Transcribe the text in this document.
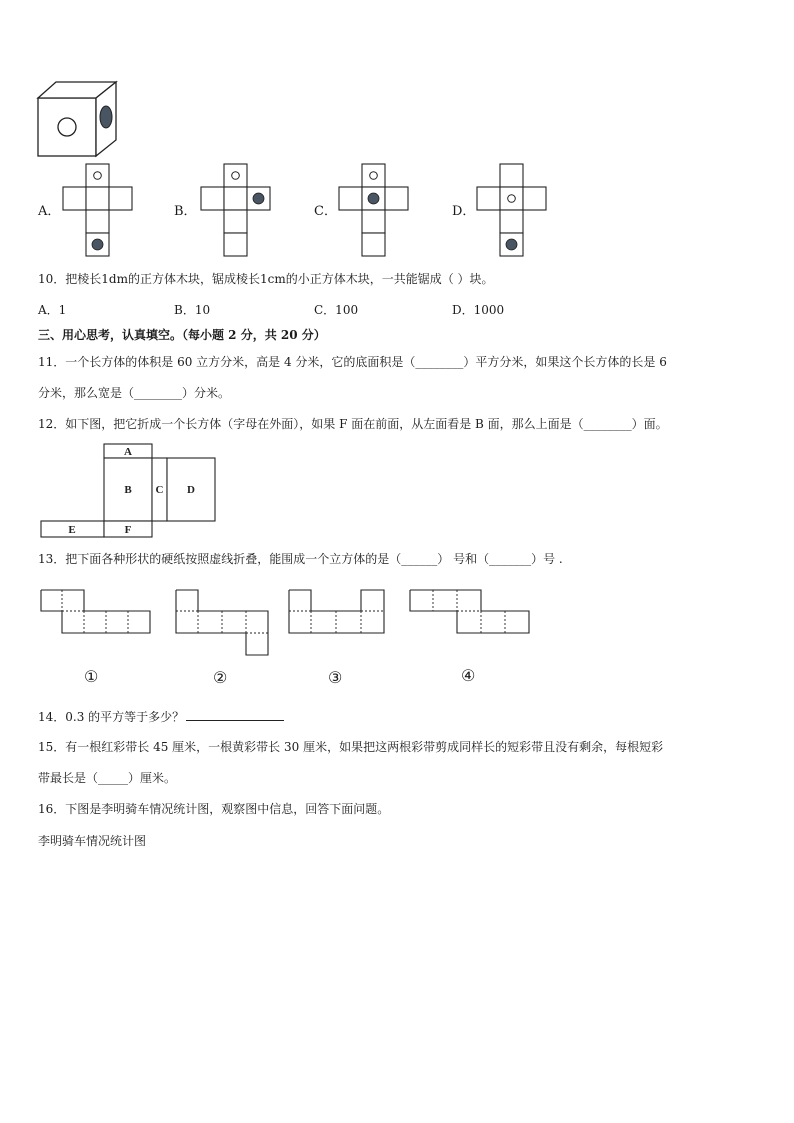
A．	B．	C．	D．
10．把棱长1dm的正方体木块，锯成棱长1cm的小正方体木块，一共能锯成（ ）块。
A．1	B．10	C．100	D．1000
三、用心思考，认真填空。（每小题 2 分，共 20 分）
11．一个长方体的体积是 60 立方分米，高是 4 分米，它的底面积是（________）平方分米，如果这个长方体的长是 6
分米，那么宽是（________）分米。
12．如下图，把它折成一个长方体（字母在外面），如果 F 面在前面，从左面看是 B 面，那么上面是（________）面。
A
B C D
E	F
13．把下面各种形状的硬纸按照虚线折叠，能围成一个立方体的是（______） 号和（_______）号 .
①	②	③	④
14．0.3 的平方等于多少？
15．有一根红彩带长 45 厘米，一根黄彩带长 30 厘米，如果把这两根彩带剪成同样长的短彩带且没有剩余，每根短彩
带最长是（_____）厘米。
16．下图是李明骑车情况统计图，观察图中信息，回答下面问题。
李明骑车情况统计图
